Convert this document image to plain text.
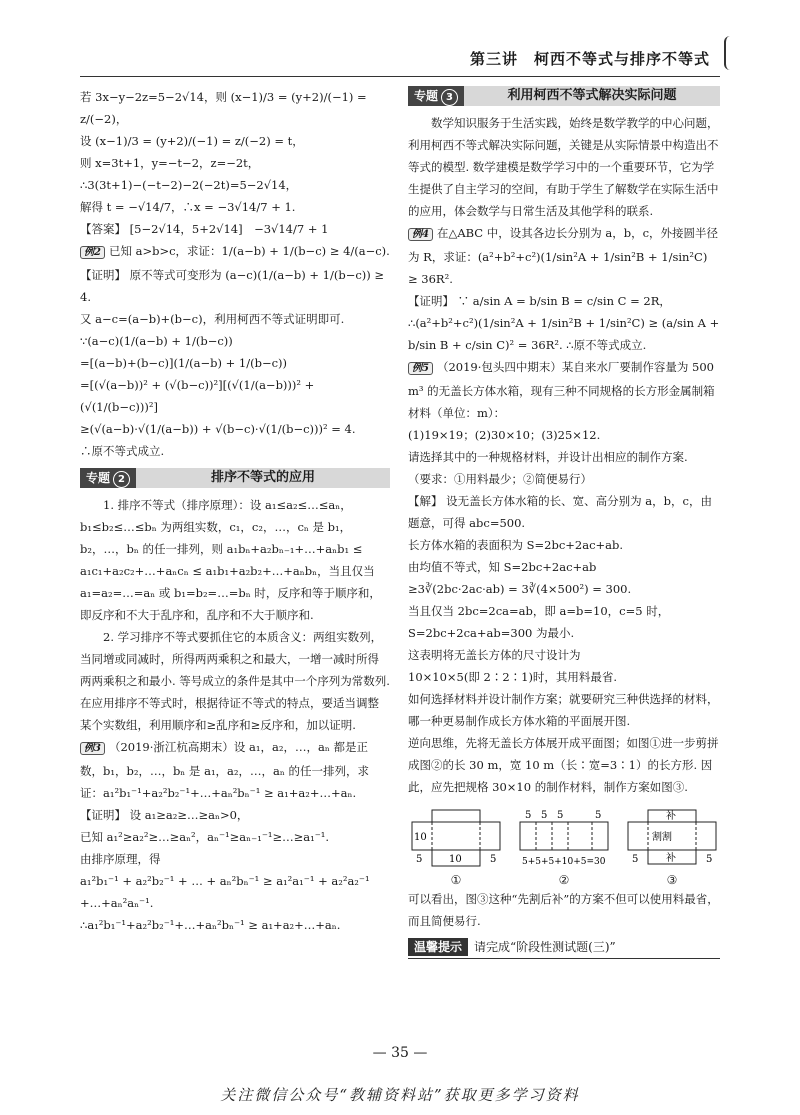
第三讲　柯西不等式与排序不等式

若 3x−y−2z=5−2√14，则 (x−1)/3 = (y+2)/(−1) = z/(−2)，

设 (x−1)/3 = (y+2)/(−1) = z/(−2) = t，

则 x=3t+1，y=−t−2，z=−2t，

∴3(3t+1)−(−t−2)−2(−2t)=5−2√14，

解得 t = −√14/7，∴x = −3√14/7 + 1.

【答案】 [5−2√14，5+2√14]　−3√14/7 + 1

例2 已知 a>b>c，求证：1/(a−b) + 1/(b−c) ≥ 4/(a−c).

【证明】 原不等式可变形为 (a−c)(1/(a−b) + 1/(b−c)) ≥ 4.

又 a−c=(a−b)+(b−c)，利用柯西不等式证明即可.

∵(a−c)(1/(a−b) + 1/(b−c))

=[(a−b)+(b−c)](1/(a−b) + 1/(b−c))

=[(√(a−b))² + (√(b−c))²][(√(1/(a−b)))² + (√(1/(b−c)))²]

≥(√(a−b)·√(1/(a−b)) + √(b−c)·√(1/(b−c)))² = 4.

∴原不等式成立.

专题 2	排序不等式的应用

1. 排序不等式（排序原理）：设 a₁≤a₂≤…≤aₙ，b₁≤b₂≤…≤bₙ 为两组实数，c₁，c₂，…，cₙ 是 b₁，b₂，…，bₙ 的任一排列，则 a₁bₙ+a₂bₙ₋₁+…+aₙb₁ ≤ a₁c₁+a₂c₂+…+aₙcₙ ≤ a₁b₁+a₂b₂+…+aₙbₙ，当且仅当 a₁=a₂=…=aₙ 或 b₁=b₂=…=bₙ 时，反序和等于顺序和，即反序和不大于乱序和，乱序和不大于顺序和.

2. 学习排序不等式要抓住它的本质含义：两组实数列，当同增或同减时，所得两两乘积之和最大，一增一减时所得两两乘积之和最小. 等号成立的条件是其中一个序列为常数列. 在应用排序不等式时，根据待证不等式的特点，要适当调整某个实数组，利用顺序和≥乱序和≥反序和，加以证明.

例3 （2019·浙江杭高期末）设 a₁，a₂，…，aₙ 都是正数，b₁，b₂，…，bₙ 是 a₁，a₂，…，aₙ 的任一排列，求证：a₁²b₁⁻¹+a₂²b₂⁻¹+…+aₙ²bₙ⁻¹ ≥ a₁+a₂+…+aₙ.

【证明】 设 a₁≥a₂≥…≥aₙ>0，

已知 a₁²≥a₂²≥…≥aₙ²，aₙ⁻¹≥aₙ₋₁⁻¹≥…≥a₁⁻¹.

由排序原理，得

a₁²b₁⁻¹ + a₂²b₂⁻¹ + … + aₙ²bₙ⁻¹ ≥ a₁²a₁⁻¹ + a₂²a₂⁻¹ +…+aₙ²aₙ⁻¹.

∴a₁²b₁⁻¹+a₂²b₂⁻¹+…+aₙ²bₙ⁻¹ ≥ a₁+a₂+…+aₙ.

专题 3	利用柯西不等式解决实际问题

数学知识服务于生活实践，始终是数学教学的中心问题，利用柯西不等式解决实际问题，关键是从实际情景中构造出不等式的模型. 数学建模是数学学习中的一个重要环节，它为学生提供了自主学习的空间，有助于学生了解数学在实际生活中的应用，体会数学与日常生活及其他学科的联系.

例4 在△ABC 中，设其各边长分别为 a，b，c，外接圆半径为 R，求证：(a²+b²+c²)(1/sin²A + 1/sin²B + 1/sin²C) ≥ 36R².

【证明】 ∵ a/sin A = b/sin B = c/sin C = 2R，

∴(a²+b²+c²)(1/sin²A + 1/sin²B + 1/sin²C) ≥ (a/sin A + b/sin B + c/sin C)² = 36R². ∴原不等式成立.

例5 （2019·包头四中期末）某自来水厂要制作容量为 500 m³ 的无盖长方体水箱，现有三种不同规格的长方形金属制箱材料（单位：m）：

(1)19×19；(2)30×10；(3)25×12.

请选择其中的一种规格材料，并设计出相应的制作方案.

（要求：①用料最少；②简便易行）

【解】 设无盖长方体水箱的长、宽、高分别为 a，b，c，由题意，可得 abc=500.

长方体水箱的表面积为 S=2bc+2ac+ab.

由均值不等式，知 S=2bc+2ac+ab

≥3∛(2bc·2ac·ab) = 3∛(4×500²) = 300.

当且仅当 2bc=2ca=ab，即 a=b=10，c=5 时，S=2bc+2ca+ab=300 为最小.

这表明将无盖长方体的尺寸设计为

10×10×5(即 2∶2∶1)时，其用料最省.

如何选择材料并设计制作方案；就要研究三种供选择的材料，哪一种更易制作成长方体水箱的平面展开图.

逆向思维，先将无盖长方体展开成平面图；如图①进一步剪拼成图②的长 30 m，宽 10 m（长∶宽=3∶1）的长方形. 因此，应先把规格 30×10 的制作材料，制作方案如图③.

10
5	10	5
①
5 5 5	5
5+5+5+10+5=30
②
补
割割
补
5	5
③

可以看出，图③这种“先割后补”的方案不但可以使用料最省，而且简便易行.

温馨提示	请完成“阶段性测试题(三)”
— 35 —
关注微信公众号“教辅资料站”获取更多学习资料
